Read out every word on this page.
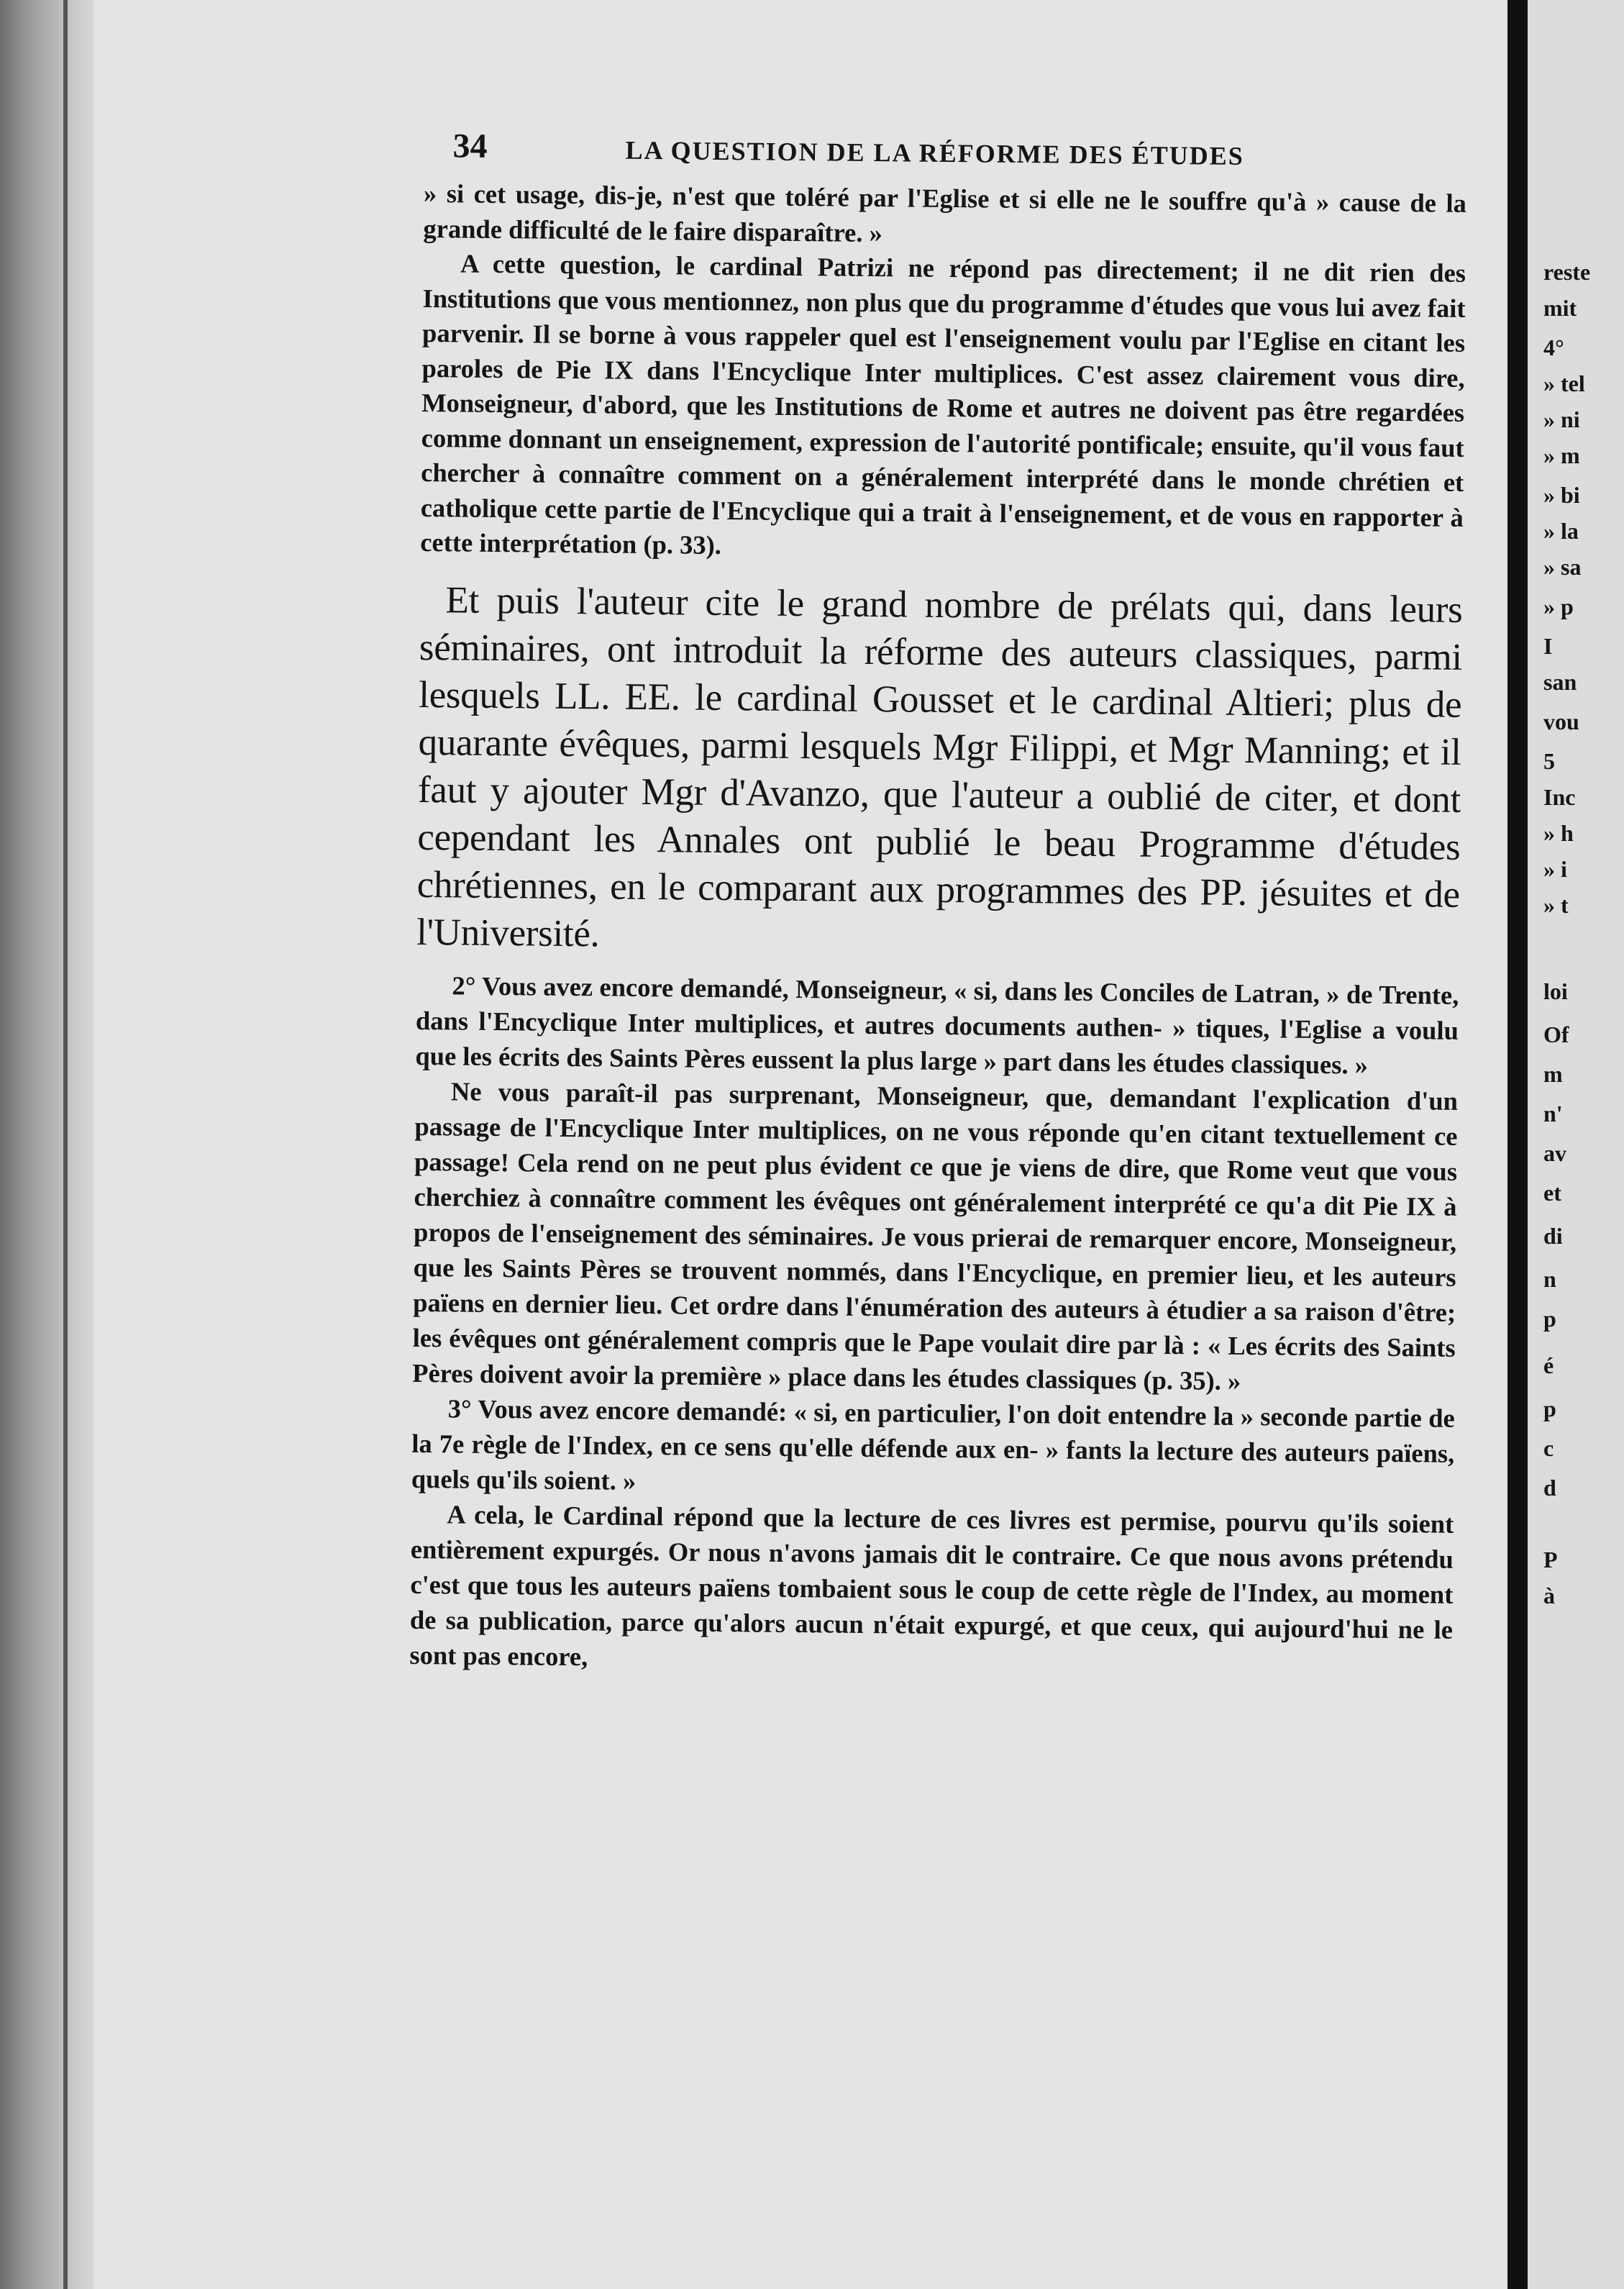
34	LA QUESTION DE LA RÉFORME DES ÉTUDES

» si cet usage, dis-je, n'est que toléré par l'Eglise et si elle ne le souffre qu'à » cause de la grande difficulté de le faire disparaître. »

A cette question, le cardinal Patrizi ne répond pas directement; il ne dit rien des Institutions que vous mentionnez, non plus que du programme d'études que vous lui avez fait parvenir. Il se borne à vous rappeler quel est l'enseignement voulu par l'Eglise en citant les paroles de Pie IX dans l'Encyclique Inter multiplices. C'est assez clairement vous dire, Monseigneur, d'abord, que les Institutions de Rome et autres ne doivent pas être regardées comme donnant un enseignement, expression de l'autorité pontificale; ensuite, qu'il vous faut chercher à connaître comment on a généralement interprété dans le monde chrétien et catholique cette partie de l'Encyclique qui a trait à l'enseignement, et de vous en rapporter à cette interprétation (p. 33).

Et puis l'auteur cite le grand nombre de prélats qui, dans leurs séminaires, ont introduit la réforme des auteurs classiques, parmi lesquels LL. EE. le cardinal Gousset et le cardinal Altieri; plus de quarante évêques, parmi lesquels Mgr Filippi, et Mgr Manning; et il faut y ajouter Mgr d'Avanzo, que l'auteur a oublié de citer, et dont cependant les Annales ont publié le beau Programme d'études chrétiennes, en le comparant aux programmes des PP. jésuites et de l'Université.

2° Vous avez encore demandé, Monseigneur, « si, dans les Conciles de Latran, » de Trente, dans l'Encyclique Inter multiplices, et autres documents authen- » tiques, l'Eglise a voulu que les écrits des Saints Pères eussent la plus large » part dans les études classiques. »

Ne vous paraît-il pas surprenant, Monseigneur, que, demandant l'explication d'un passage de l'Encyclique Inter multiplices, on ne vous réponde qu'en citant textuellement ce passage! Cela rend on ne peut plus évident ce que je viens de dire, que Rome veut que vous cherchiez à connaître comment les évêques ont généralement interprété ce qu'a dit Pie IX à propos de l'enseignement des séminaires. Je vous prierai de remarquer encore, Monseigneur, que les Saints Pères se trouvent nommés, dans l'Encyclique, en premier lieu, et les auteurs païens en dernier lieu. Cet ordre dans l'énumération des auteurs à étudier a sa raison d'être; les évêques ont généralement compris que le Pape voulait dire par là : « Les écrits des Saints Pères doivent avoir la première » place dans les études classiques (p. 35). »

3° Vous avez encore demandé: « si, en particulier, l'on doit entendre la » seconde partie de la 7e règle de l'Index, en ce sens qu'elle défende aux en- » fants la lecture des auteurs païens, quels qu'ils soient. »

A cela, le Cardinal répond que la lecture de ces livres est permise, pourvu qu'ils soient entièrement expurgés. Or nous n'avons jamais dit le contraire. Ce que nous avons prétendu c'est que tous les auteurs païens tombaient sous le coup de cette règle de l'Index, au moment de sa publication, parce qu'alors aucun n'était expurgé, et que ceux, qui aujourd'hui ne le sont pas encore,

reste
mit
4°
» tel
» ni
» m
» bi
» la
» sa
» p
I
san
vou
5
Inc
» h
» i
» t
loi
Of
m
n'
av
et
di
n
p
é
p
c
d
P
à
